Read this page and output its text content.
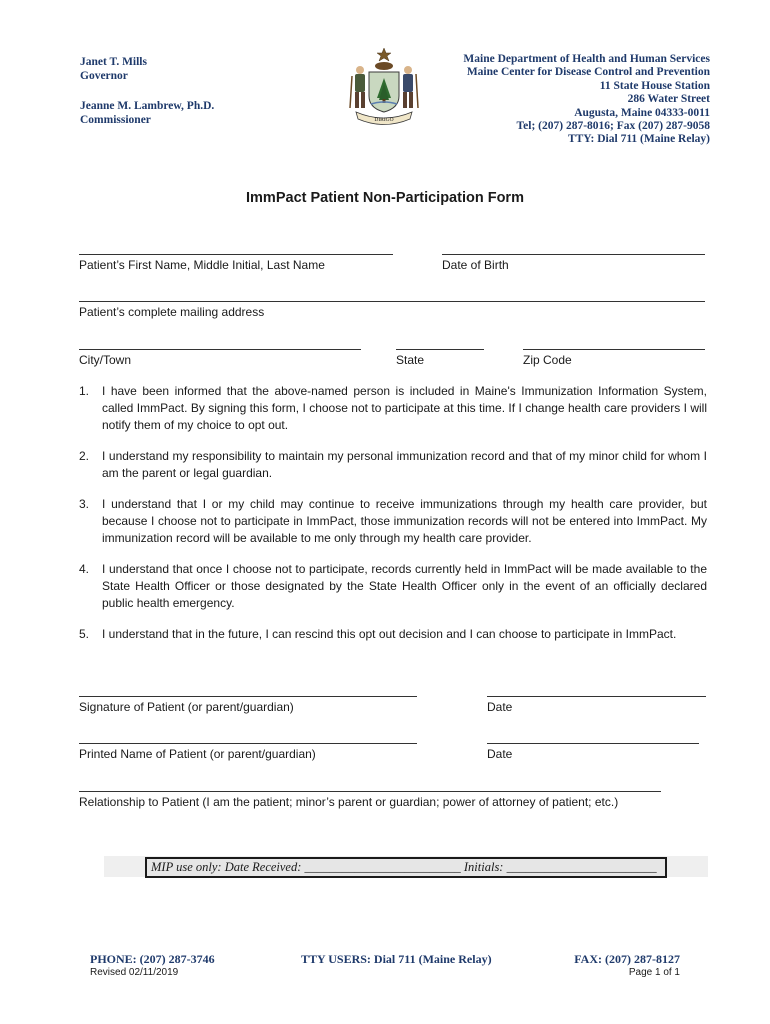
Janet T. Mills
Governor
Jeanne M. Lambrew, Ph.D.
Commissioner	DIRIGO
Maine Department of Health and Human Services
Maine Center for Disease Control and Prevention
11 State House Station
286 Water Street
Augusta, Maine 04333-0011
Tel; (207) 287-8016; Fax (207) 287-9058
TTY: Dial 711 (Maine Relay)
ImmPact Patient Non-Participation Form
Patient’s First Name, Middle Initial, Last Name	Date of Birth
Patient’s complete mailing address
City/Town	State	Zip Code
1. I have been informed that the above-named person is included in Maine's Immunization Information System, called ImmPact. By signing this form, I choose not to participate at this time. If I change health care providers I will notify them of my choice to opt out.
2. I understand my responsibility to maintain my personal immunization record and that of my minor child for whom I am the parent or legal guardian.
3. I understand that I or my child may continue to receive immunizations through my health care provider, but because I choose not to participate in ImmPact, those immunization records will not be entered into ImmPact. My immunization record will be available to me only through my health care provider.
4. I understand that once I choose not to participate, records currently held in ImmPact will be made available to the State Health Officer or those designated by the State Health Officer only in the event of an officially declared public health emergency.
5. I understand that in the future, I can rescind this opt out decision and I can choose to participate in ImmPact.
Signature of Patient (or parent/guardian)	Date
Printed Name of Patient (or parent/guardian)	Date
Relationship to Patient (I am the patient; minor’s parent or guardian; power of attorney of patient; etc.)
MIP use only: Date Received: _________________________ Initials: ________________________
PHONE: (207) 287-3746	TTY USERS: Dial 711 (Maine Relay)	FAX: (207) 287-8127
Revised 02/11/2019	Page 1 of 1
